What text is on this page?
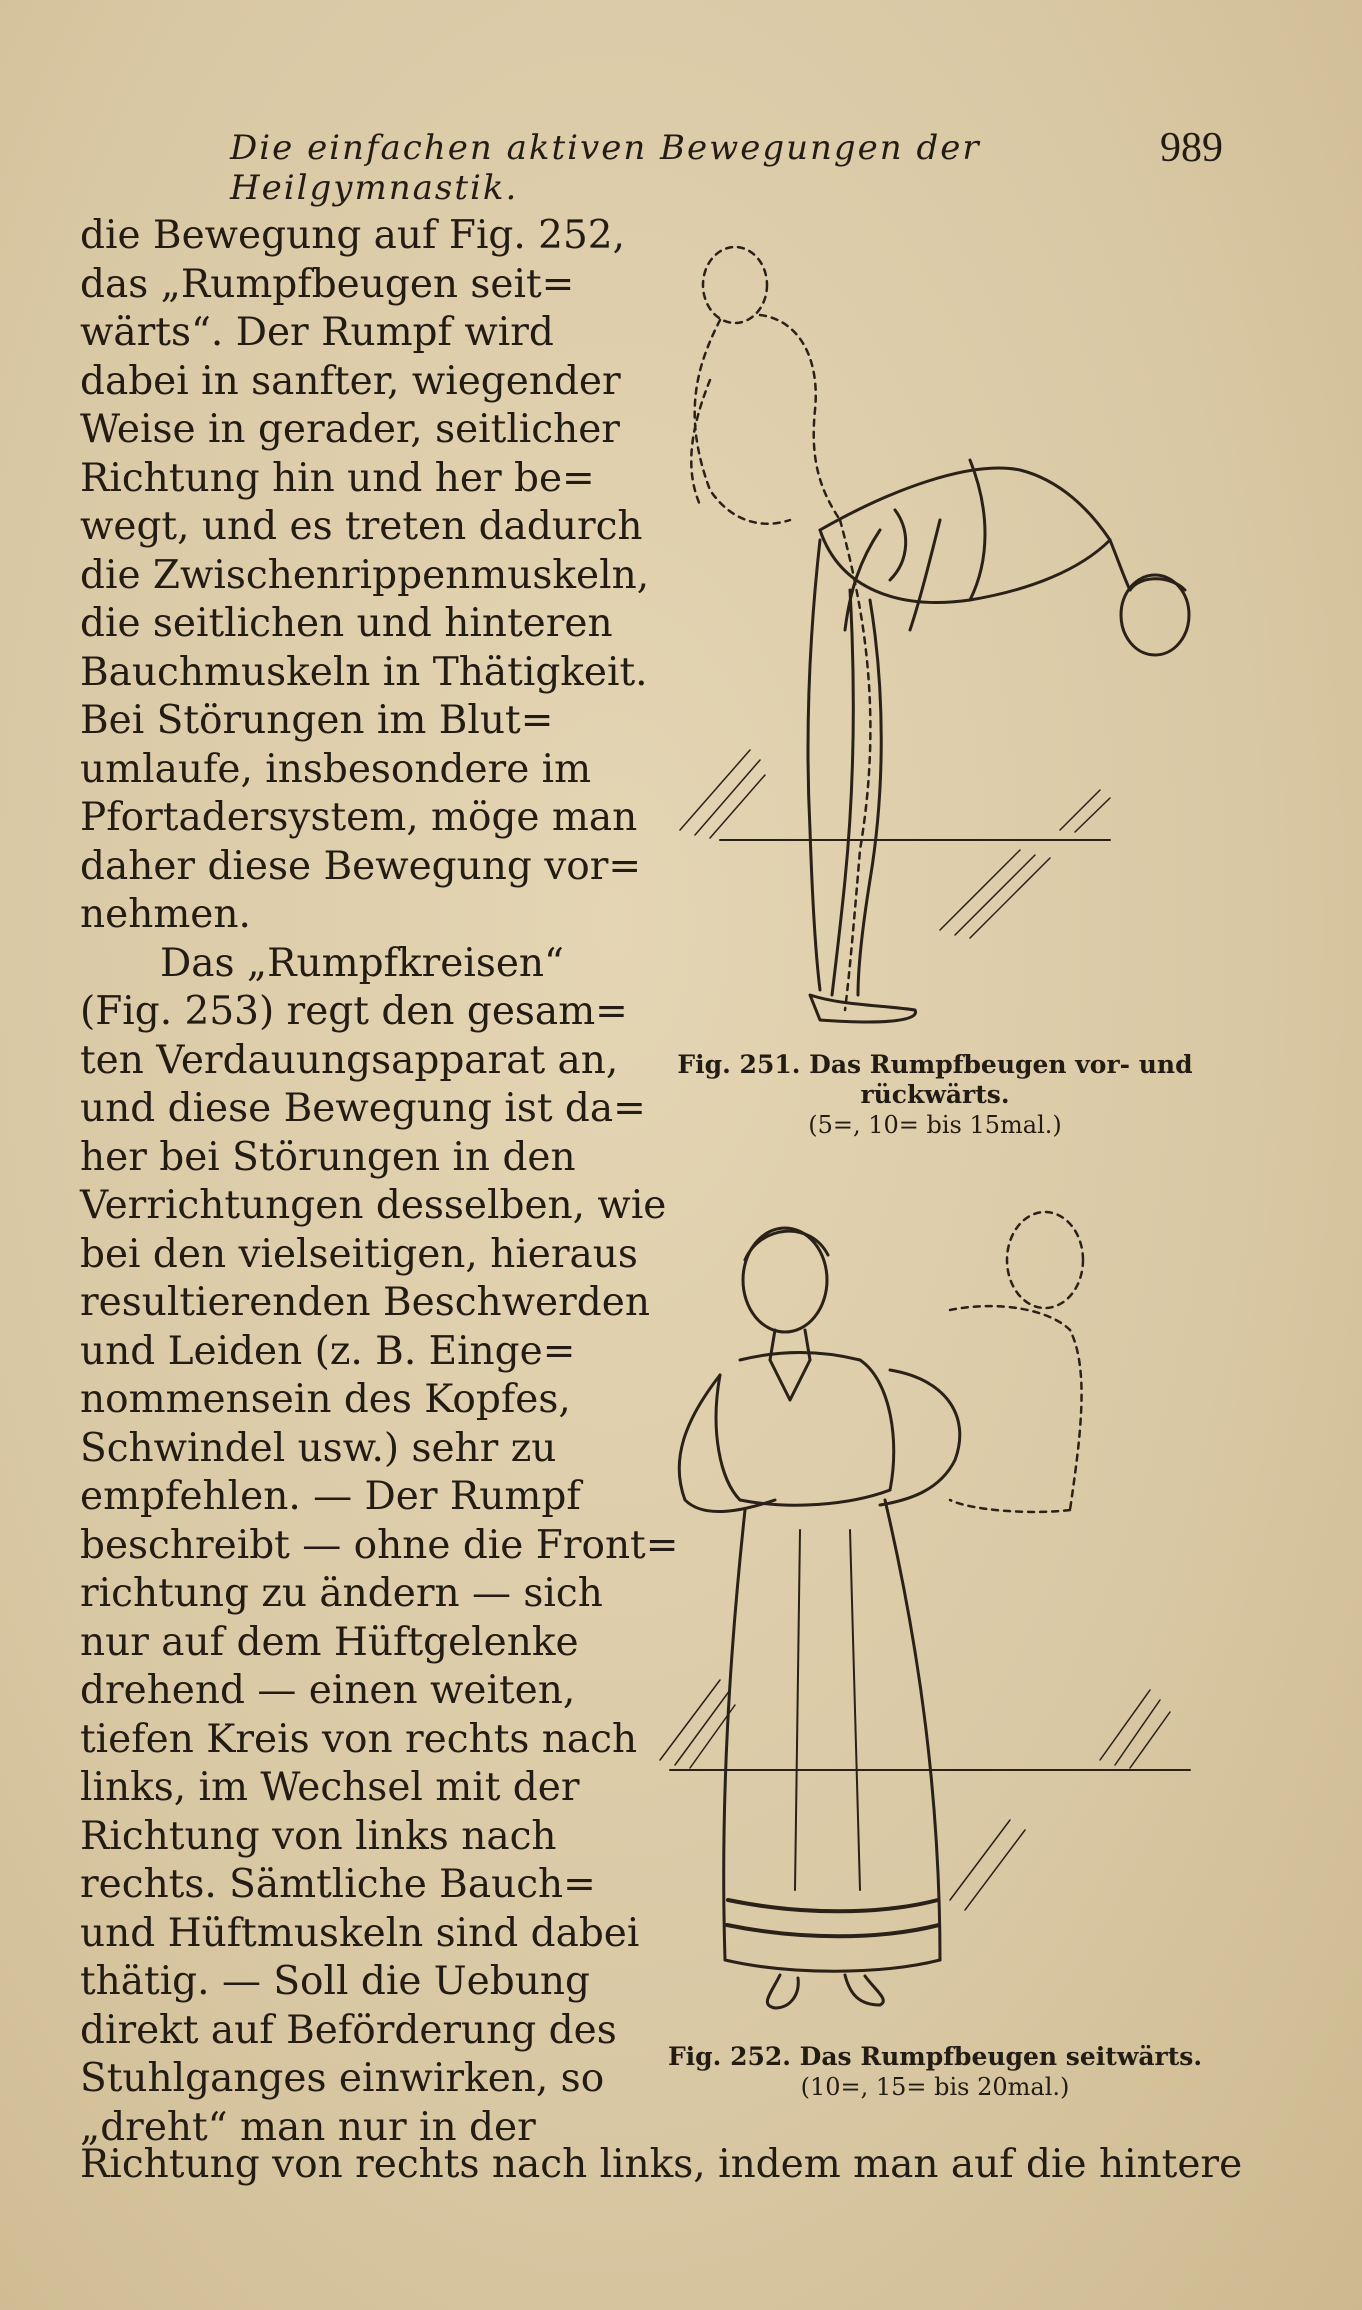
Die einfachen aktiven Bewegungen der Heilgymnastik.
989
die Bewegung auf Fig. 252,
das „Rumpfbeugen seit=
wärts“. Der Rumpf wird
dabei in sanfter, wiegender
Weise in gerader, seitlicher
Richtung hin und her be=
wegt, und es treten dadurch
die Zwischenrippenmuskeln,
die seitlichen und hinteren
Bauchmuskeln in Thätigkeit.
Bei Störungen im Blut=
umlaufe, insbesondere im
Pfortadersystem, möge man
daher diese Bewegung vor=
nehmen.
Das „Rumpfkreisen“
(Fig. 253) regt den gesam=
ten Verdauungsapparat an,
und diese Bewegung ist da=
her bei Störungen in den
Verrichtungen desselben, wie
bei den vielseitigen, hieraus
resultierenden Beschwerden
und Leiden (z. B. Einge=
nommensein des Kopfes,
Schwindel usw.) sehr zu
empfehlen. — Der Rumpf
beschreibt — ohne die Front=
richtung zu ändern — sich
nur auf dem Hüftgelenke
drehend — einen weiten,
tiefen Kreis von rechts nach
links, im Wechsel mit der
Richtung von links nach
rechts. Sämtliche Bauch=
und Hüftmuskeln sind dabei
thätig. — Soll die Uebung
direkt auf Beförderung des
Stuhlganges einwirken, so
„dreht“ man nur in der
Richtung von rechts nach links, indem man auf die hintere
Fig. 251. Das Rumpfbeugen vor- und rückwärts.
(5=, 10= bis 15mal.)
Fig. 252. Das Rumpfbeugen seitwärts.
(10=, 15= bis 20mal.)
